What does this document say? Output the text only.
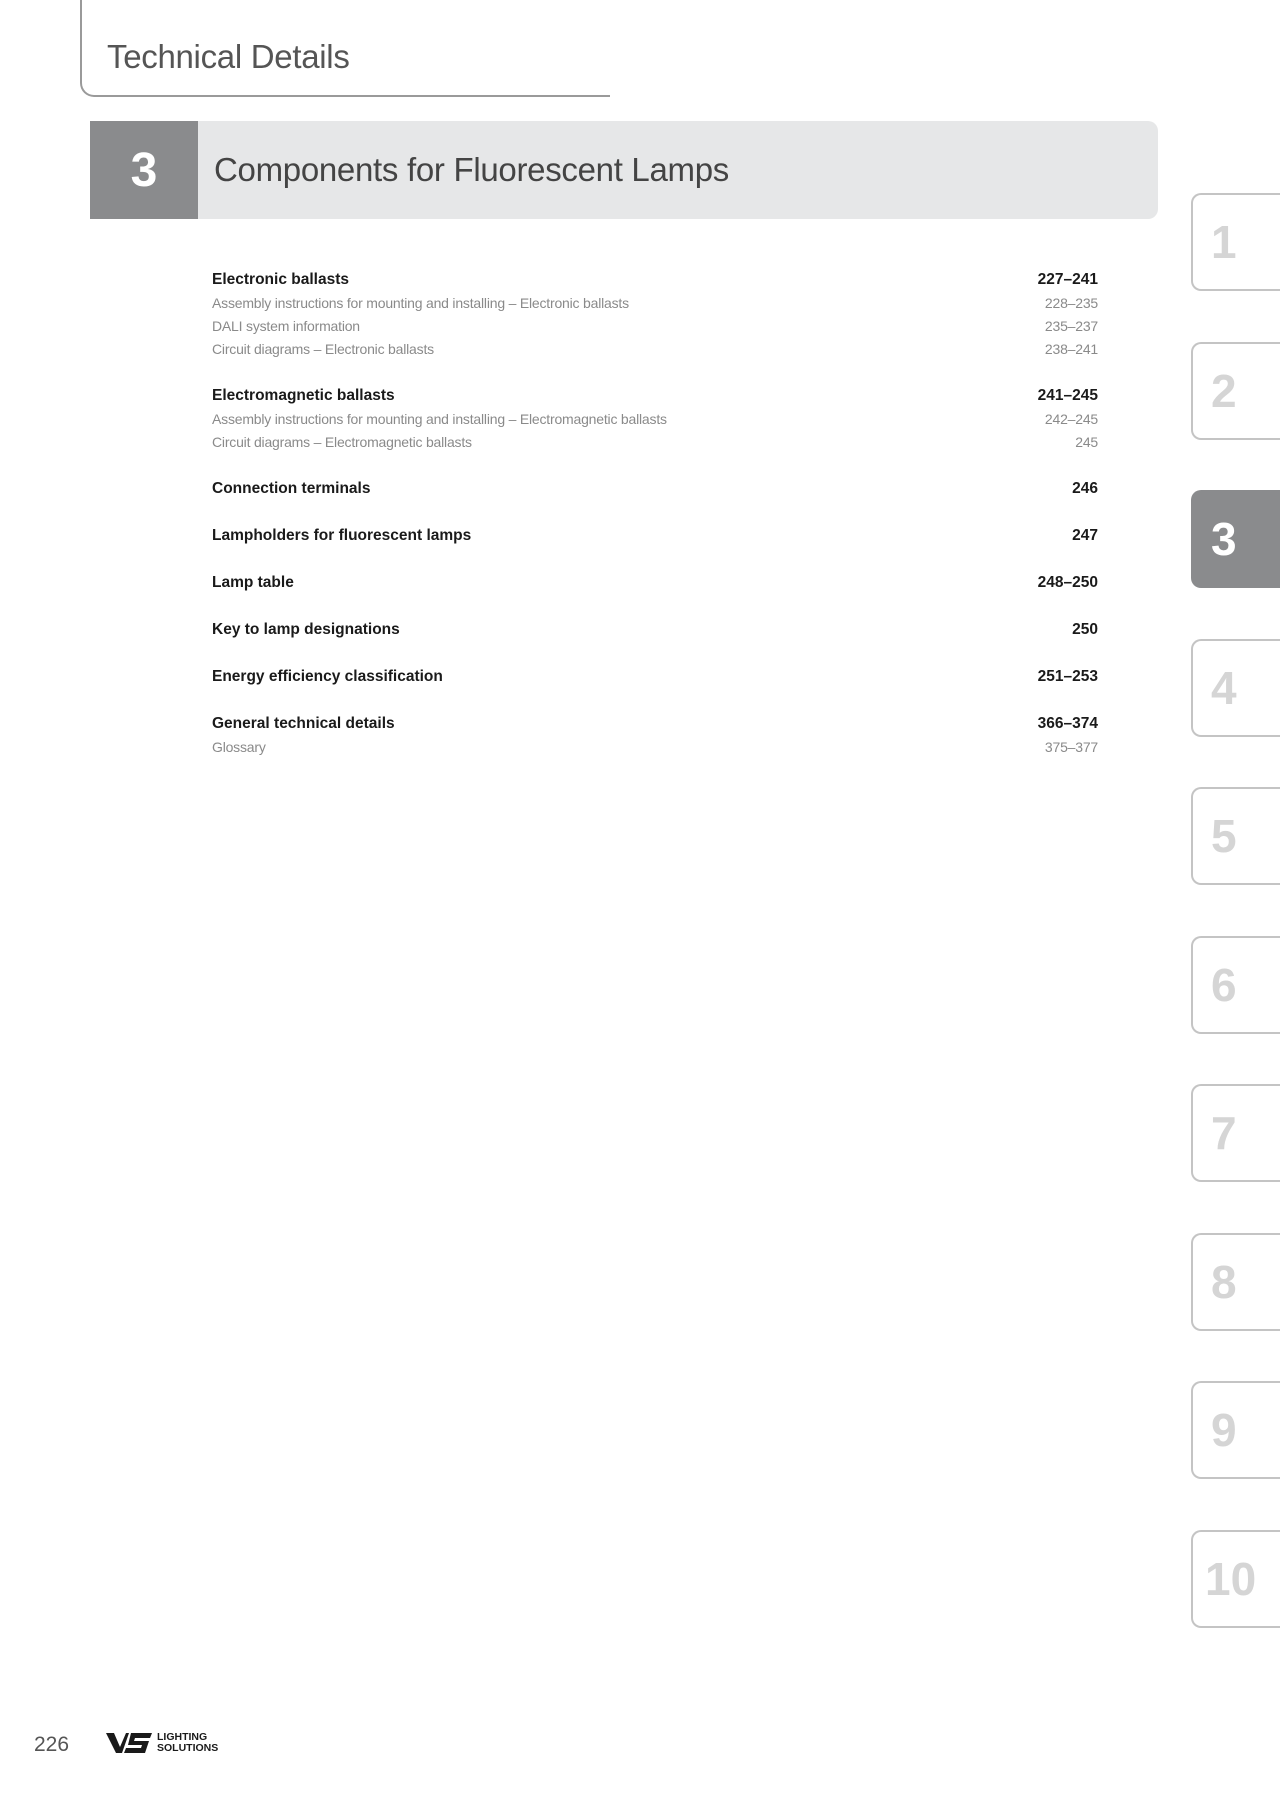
Technical Details
3	Components for Fluorescent Lamps
Electronic ballasts	227–241
Assembly instructions for mounting and installing – Electronic ballasts	228–235
DALI system information	235–237
Circuit diagrams – Electronic ballasts	238–241
Electromagnetic ballasts	241–245
Assembly instructions for mounting and installing – Electromagnetic ballasts	242–245
Circuit diagrams – Electromagnetic ballasts	245
Connection terminals	246
Lampholders for fluorescent lamps	247
Lamp table	248–250
Key to lamp designations	250
Energy efficiency classification	251–253
General technical details	366–374
Glossary	375–377
1
2
3
4
5
6
7
8
9
10
226	LIGHTING
SOLUTIONS
